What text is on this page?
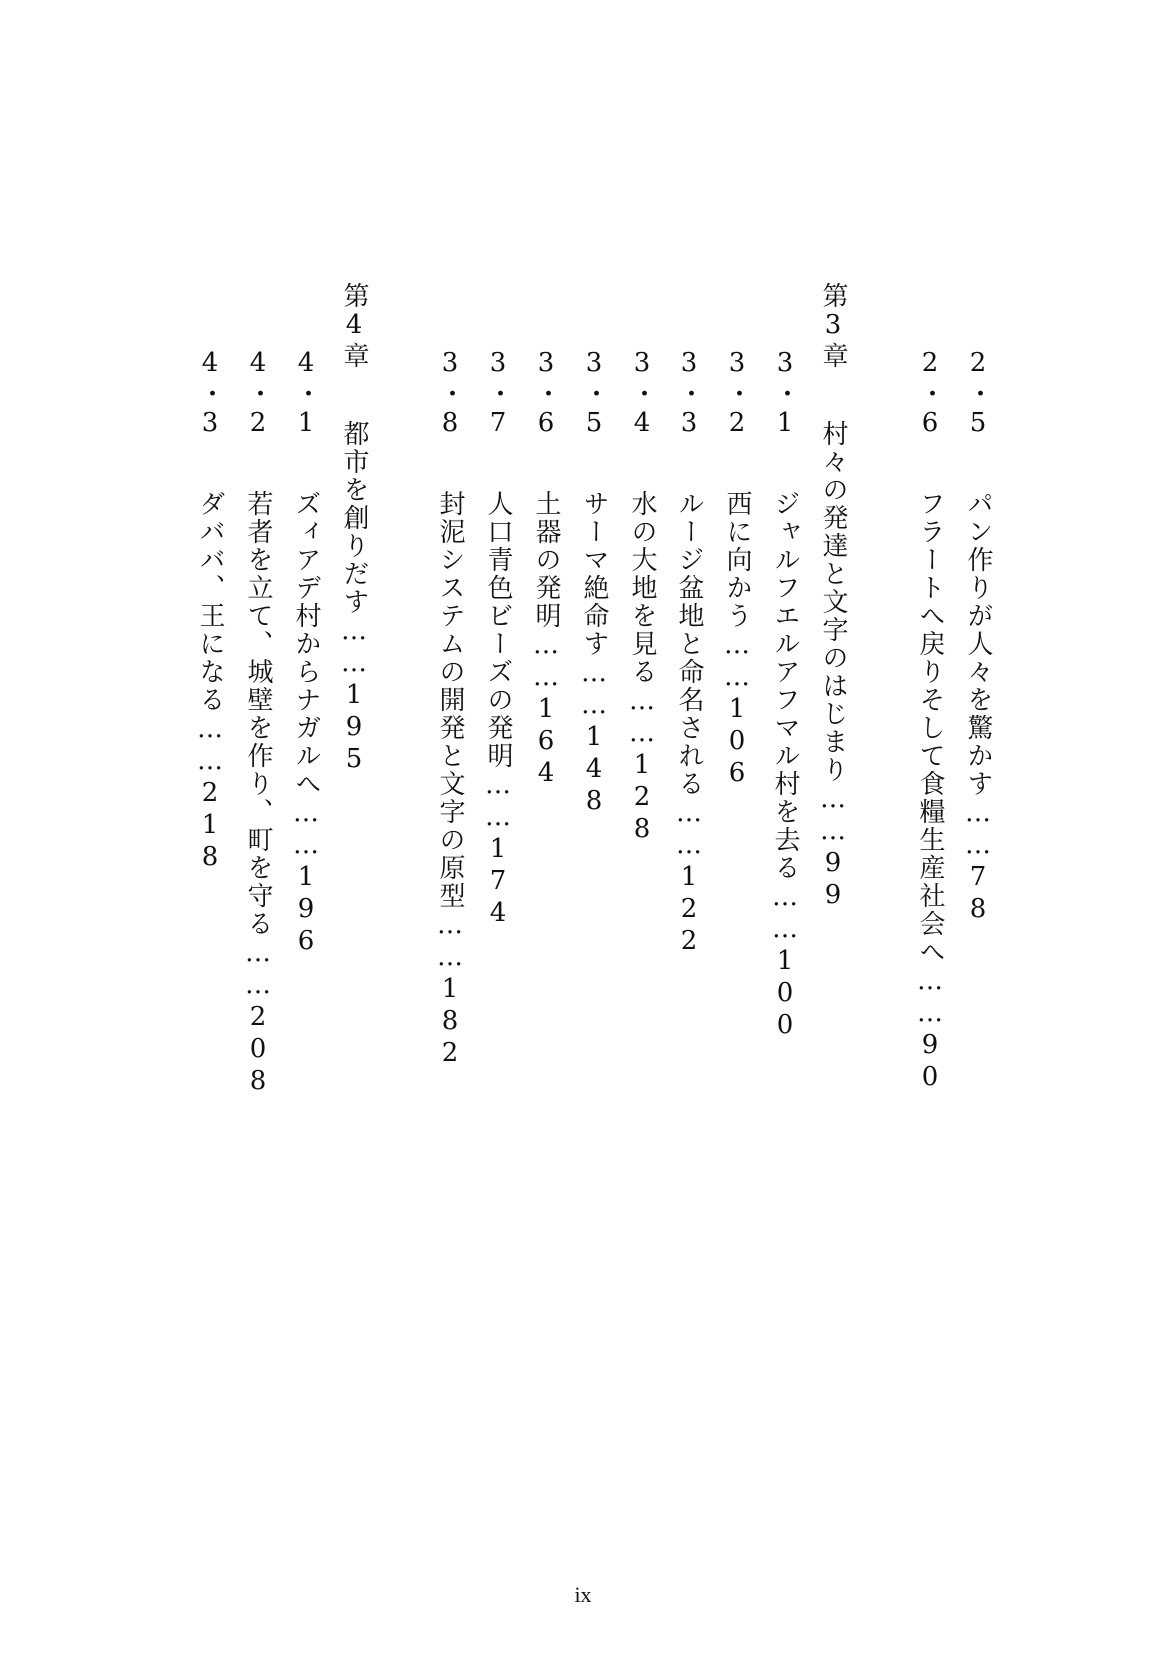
2・5 パン作りが人々を驚かす……78
2・6 フラートへ戻りそして食糧生産社会へ……90
第3章 村々の発達と文字のはじまり……99
3・1 ジャルフエルアフマル村を去る……100
3・2 西に向かう……106
3・3 ルージ盆地と命名される……122
3・4 水の大地を見る……128
3・5 サーマ絶命す……148
3・6 土器の発明……164
3・7 人口青色ビーズの発明……174
3・8 封泥システムの開発と文字の原型……182
第4章 都市を創りだす……195
4・1 ズィアデ村からナガルへ……196
4・2 若者を立て、城壁を作り、町を守る……208
4・3 ダババ、王になる……218
ix
